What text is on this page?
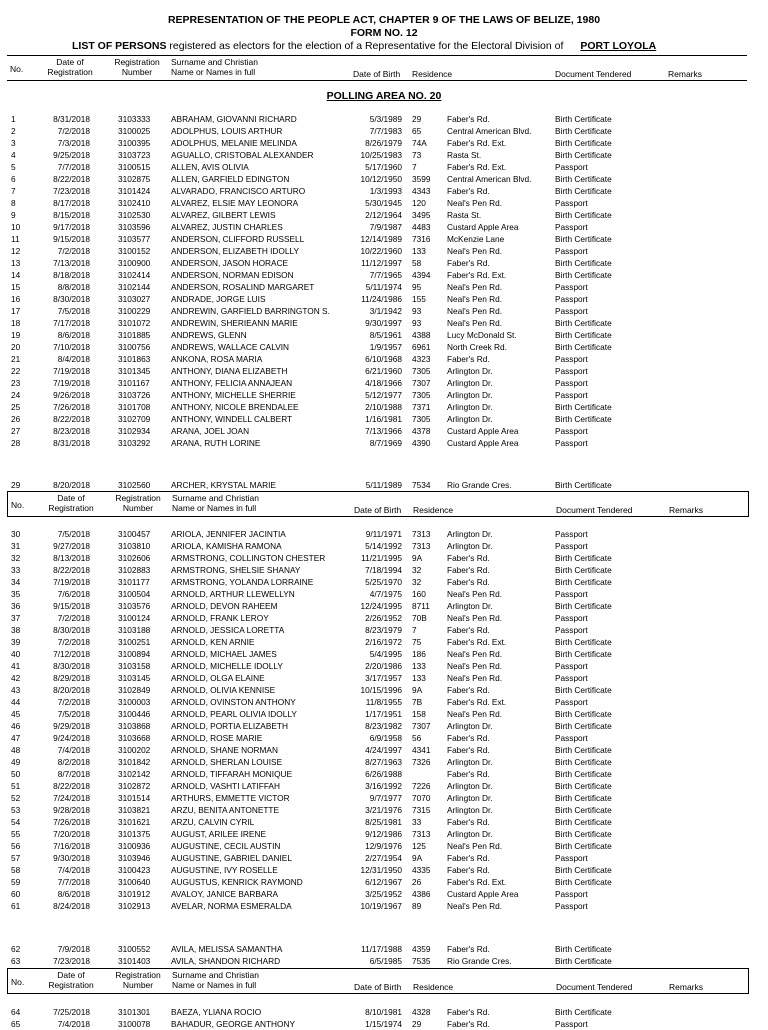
REPRESENTATION OF THE PEOPLE ACT, CHAPTER 9 OF THE LAWS OF BELIZE, 1980
FORM NO. 12
LIST OF PERSONS registered as electors for the election of a Representative for the Electoral Division of PORT LOYOLA
No.
Date of
Registration
Registration
Number
Surname and Christian
Name or Names in full	Date of Birth Residence	Document Tendered	Remarks
POLLING AREA NO. 20
1	8/31/2018	3103333 ABRAHAM, GIOVANNI RICHARD	5/3/1989 29	Faber's Rd.	Birth Certificate
2	7/2/2018	3100025 ADOLPHUS, LOUIS ARTHUR	7/7/1983 65	Central American Blvd.	Birth Certificate
3	7/3/2018	3100395 ADOLPHUS, MELANIE MELINDA	8/26/1979 74A Faber's Rd. Ext.	Birth Certificate
4	9/25/2018	3103723 AGUALLO, CRISTOBAL ALEXANDER	10/25/1983 73	Rasta St.	Birth Certificate
5	7/7/2018	3100515 ALLEN, AVIS OLIVIA	5/17/1960 7	Faber's Rd. Ext.	Passport
6	8/22/2018	3102875 ALLEN, GARFIELD EDINGTON	10/12/1950 3599 Central American Blvd.	Birth Certificate
7	7/23/2018	3101424 ALVARADO, FRANCISCO ARTURO	1/3/1993 4343 Faber's Rd.	Birth Certificate
8	8/17/2018	3102410 ALVAREZ, ELSIE MAY LEONORA	5/30/1945 120	Neal's Pen Rd.	Passport
9	8/15/2018	3102530 ALVAREZ, GILBERT LEWIS	2/12/1964 3495 Rasta St.	Birth Certificate
10	9/17/2018	3103596 ALVAREZ, JUSTIN CHARLES	7/9/1987 4483 Custard Apple Area	Passport
11	9/15/2018	3103577 ANDERSON, CLIFFORD RUSSELL	12/14/1989 7316 McKenzie Lane	Birth Certificate
12	7/2/2018	3100152 ANDERSON, ELIZABETH IDOLLY	10/22/1960 133	Neal's Pen Rd.	Passport
13	7/13/2018	3100900 ANDERSON, JASON HORACE	11/12/1997 58	Faber's Rd.	Birth Certificate
14	8/18/2018	3102414 ANDERSON, NORMAN EDISON	7/7/1965 4394 Faber's Rd. Ext.	Birth Certificate
15	8/8/2018	3102144 ANDERSON, ROSALIND MARGARET	5/11/1974 95	Neal's Pen Rd.	Passport
16	8/30/2018	3103027 ANDRADE, JORGE LUIS	11/24/1986 155	Neal's Pen Rd.	Passport
17	7/5/2018	3100229 ANDREWIN, GARFIELD BARRINGTON S.	3/1/1942 93	Neal's Pen Rd.	Passport
18	7/17/2018	3101072 ANDREWIN, SHERIEANN MARIE	9/30/1997 93	Neal's Pen Rd.	Birth Certificate
19	8/6/2018	3101885 ANDREWS, GLENN	8/5/1961 4388 Lucy McDonald St.	Birth Certificate
20	7/10/2018	3100756 ANDREWS, WALLACE CALVIN	1/9/1957 6961 North Creek Rd.	Birth Certificate
21	8/4/2018	3101863 ANKONA, ROSA MARIA	6/10/1968 4323 Faber's Rd.	Passport
22	7/19/2018	3101345 ANTHONY, DIANA ELIZABETH	6/21/1960 7305 Arlington Dr.	Passport
23	7/19/2018	3101167	ANTHONY, FELICIA ANNAJEAN	4/18/1966 7307 Arlington Dr.	Passport
24	9/26/2018	3103726 ANTHONY, MICHELLE SHERRIE	5/12/1977 7305 Arlington Dr.	Passport
25	7/26/2018	3101708 ANTHONY, NICOLE BRENDALEE	2/10/1988 7371 Arlington Dr.	Birth Certificate
26	8/22/2018	3102709 ANTHONY, WINDELL CALBERT	1/16/1981 7305 Arlington Dr.	Birth Certificate
27	8/23/2018	3102934 ARANA, JOEL JOAN	7/13/1966 4378 Custard Apple Area	Passport
28	8/31/2018	3103292 ARANA, RUTH LORINE	8/7/1969 4390 Custard Apple Area	Passport
29	8/20/2018	3102560 ARCHER, KRYSTAL MARIE	5/11/1989 7534 Rio Grande Cres.	Birth Certificate
No.
Date of
Registration
Registration
Number
Surname and Christian
Name or Names in full	Date of Birth Residence	Document Tendered	Remarks
30	7/5/2018	3100457 ARIOLA, JENNIFER JACINTIA	9/11/1971 7313 Arlington Dr.	Passport
31	9/27/2018	3103810 ARIOLA, KAMISHA RAMONA	5/14/1992 7313 Arlington Dr.	Passport
32	8/13/2018	3102606 ARMSTRONG, COLLINGTON CHESTER	11/21/1995 9A	Faber's Rd.	Birth Certificate
33	8/22/2018	3102883 ARMSTRONG, SHELSIE SHANAY	7/18/1994 32	Faber's Rd.	Birth Certificate
34	7/19/2018	3101177	ARMSTRONG, YOLANDA LORRAINE	5/25/1970 32	Faber's Rd.	Birth Certificate
35	7/6/2018	3100504 ARNOLD, ARTHUR LLEWELLYN	4/7/1975 160	Neal's Pen Rd.	Passport
36	9/15/2018	3103576 ARNOLD, DEVON RAHEEM	12/24/1995 8711 Arlington Dr.	Birth Certificate
37	7/2/2018	3100124 ARNOLD, FRANK LEROY	2/26/1952 70B Neal's Pen Rd.	Passport
38	8/30/2018	3103188 ARNOLD, JESSICA LORETTA	8/23/1979 7	Faber's Rd.	Passport
39	7/2/2018	3100251 ARNOLD, KEN ARNIE	2/16/1972 75	Faber's Rd. Ext.	Birth Certificate
40	7/12/2018	3100894 ARNOLD, MICHAEL JAMES	5/4/1995 186	Neal's Pen Rd.	Birth Certificate
41	8/30/2018	3103158 ARNOLD, MICHELLE IDOLLY	2/20/1986 133	Neal's Pen Rd.	Passport
42	8/29/2018	3103145 ARNOLD, OLGA ELAINE	3/17/1957 133	Neal's Pen Rd.	Passport
43	8/20/2018	3102849 ARNOLD, OLIVIA KENNISE	10/15/1996 9A	Faber's Rd.	Birth Certificate
44	7/2/2018	3100003 ARNOLD, OVINSTON ANTHONY	11/8/1955 7B	Faber's Rd. Ext.	Passport
45	7/5/2018	3100446 ARNOLD, PEARL OLIVIA IDOLLY	1/17/1951 158	Neal's Pen Rd.	Birth Certificate
46	9/29/2018	3103868 ARNOLD, PORTIA ELIZABETH	8/23/1982 7307 Arlington Dr.	Birth Certificate
47	9/24/2018	3103668 ARNOLD, ROSE MARIE	6/9/1958 56	Faber's Rd.	Passport
48	7/4/2018	3100202 ARNOLD, SHANE NORMAN	4/24/1997 4341 Faber's Rd.	Birth Certificate
49	8/2/2018	3101842 ARNOLD, SHERLAN LOUISE	8/27/1963 7326 Arlington Dr.	Birth Certificate
50	8/7/2018	3102142 ARNOLD, TIFFARAH MONIQUE	6/26/1988	Faber's Rd.	Birth Certificate
51	8/22/2018	3102872 ARNOLD, VASHTI LATIFFAH	3/16/1992 7226 Arlington Dr.	Birth Certificate
52	7/24/2018	3101514 ARTHURS, EMMETTE VICTOR	9/7/1977 7070 Arlington Dr.	Birth Certificate
53	9/28/2018	3103821 ARZU, BENITA ANTONETTE	3/21/1976 7315 Arlington Dr.	Birth Certificate
54	7/26/2018	3101621 ARZU, CALVIN CYRIL	8/25/1981 33	Faber's Rd.	Birth Certificate
55	7/20/2018	3101375 AUGUST, ARILEE IRENE	9/12/1986 7313 Arlington Dr.	Birth Certificate
56	7/16/2018	3100936 AUGUSTINE, CECIL AUSTIN	12/9/1976 125	Neal's Pen Rd.	Birth Certificate
57	9/30/2018	3103946 AUGUSTINE, GABRIEL DANIEL	2/27/1954 9A	Faber's Rd.	Passport
58	7/4/2018	3100423 AUGUSTINE, IVY ROSELLE	12/31/1950 4335 Faber's Rd.	Birth Certificate
59	7/7/2018	3100640 AUGUSTUS, KENRICK RAYMOND	6/12/1967 26	Faber's Rd. Ext.	Birth Certificate
60	8/6/2018	3101912 AVALOY, JANICE BARBARA	3/25/1952 4386 Custard Apple Area	Passport
61	8/24/2018	3102913 AVELAR, NORMA ESMERALDA	10/19/1967 89	Neal's Pen Rd.	Passport
62	7/9/2018	3100552 AVILA, MELISSA SAMANTHA	11/17/1988 4359 Faber's Rd.	Birth Certificate
63	7/23/2018	3101403 AVILA, SHANDON RICHARD	6/5/1985 7535 Rio Grande Cres.	Birth Certificate
No.
Date of
Registration
Registration
Number
Surname and Christian
Name or Names in full	Date of Birth Residence	Document Tendered	Remarks
64	7/25/2018	3101301 BAEZA, YLIANA ROCIO	8/10/1981 4328 Faber's Rd.	Birth Certificate
65	7/4/2018	3100078 BAHADUR, GEORGE ANTHONY	1/15/1974 29	Faber's Rd.	Passport
